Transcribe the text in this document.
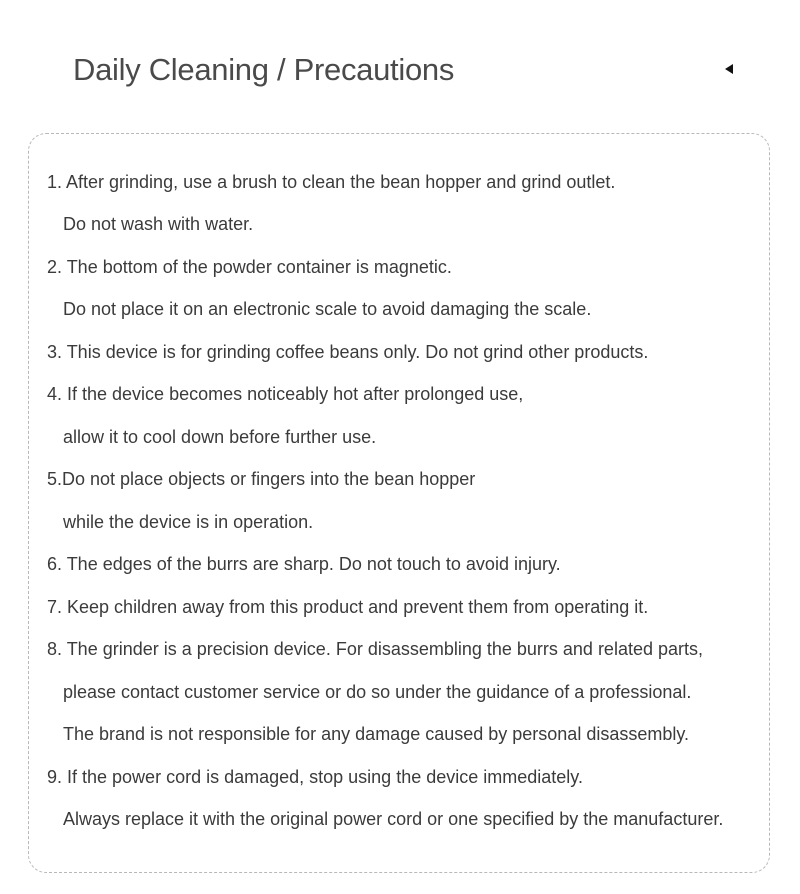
Daily Cleaning / Precautions
1. After grinding, use a brush to clean the bean hopper and grind outlet.
Do not wash with water.
2. The bottom of the powder container is magnetic.
Do not place it on an electronic scale to avoid damaging the scale.
3. This device is for grinding coffee beans only. Do not grind other products.
4. If the device becomes noticeably hot after prolonged use,
allow it to cool down before further use.
5.Do not place objects or fingers into the bean hopper
while the device is in operation.
6. The edges of the burrs are sharp. Do not touch to avoid injury.
7. Keep children away from this product and prevent them from operating it.
8. The grinder is a precision device. For disassembling the burrs and related parts,
please contact customer service or do so under the guidance of a professional.
The brand is not responsible for any damage caused by personal disassembly.
9. If the power cord is damaged, stop using the device immediately.
Always replace it with the original power cord or one specified by the manufacturer.
